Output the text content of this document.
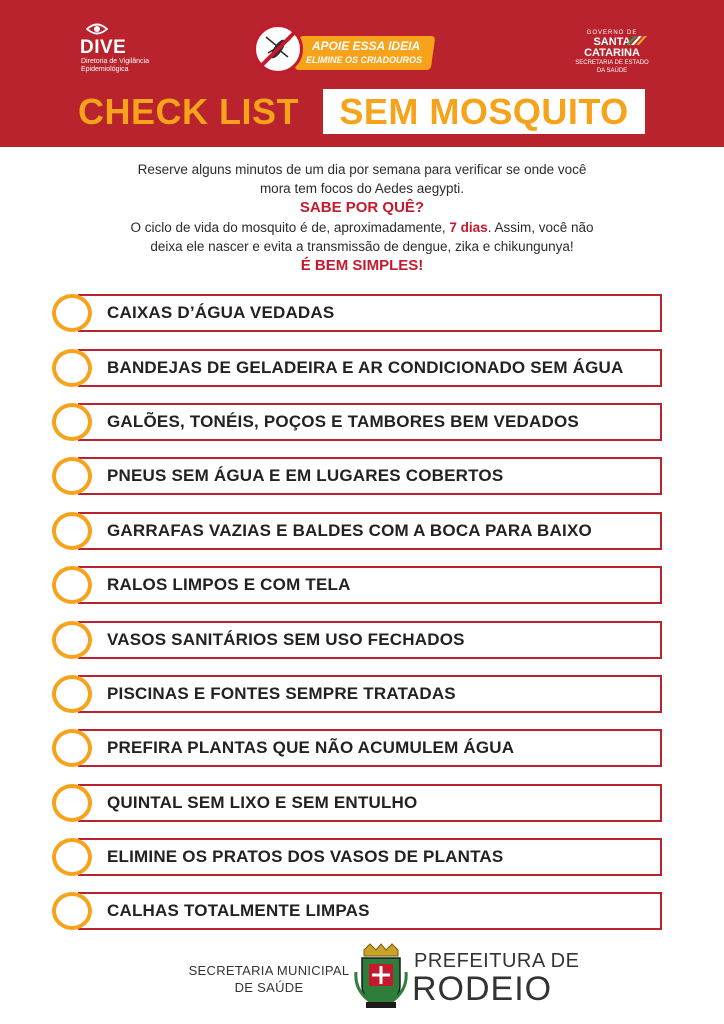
DIVE
Diretoria de Vigilância
Epidemiológica
APOIE ESSA IDEIA
ELIMINE OS CRIADOUROS
GOVERNO DE
SANTA
CATARINA
SECRETARIA DE ESTADO
DA SAÚDE
CHECK LIST	SEM MOSQUITO
Reserve alguns minutos de um dia por semana para verificar se onde você
mora tem focos do Aedes aegypti.
SABE POR QUÊ?
O ciclo de vida do mosquito é de, aproximadamente, 7 dias. Assim, você não
deixa ele nascer e evita a transmissão de dengue, zika e chikungunya!
É BEM SIMPLES!
CAIXAS D’ÁGUA VEDADAS
BANDEJAS DE GELADEIRA E AR CONDICIONADO SEM ÁGUA
GALÕES, TONÉIS, POÇOS E TAMBORES BEM VEDADOS
PNEUS SEM ÁGUA E EM LUGARES COBERTOS
GARRAFAS VAZIAS E BALDES COM A BOCA PARA BAIXO
RALOS LIMPOS E COM TELA
VASOS SANITÁRIOS SEM USO FECHADOS
PISCINAS E FONTES SEMPRE TRATADAS
PREFIRA PLANTAS QUE NÃO ACUMULEM ÁGUA
QUINTAL SEM LIXO E SEM ENTULHO
ELIMINE OS PRATOS DOS VASOS DE PLANTAS
CALHAS TOTALMENTE LIMPAS
SECRETARIA MUNICIPAL
DE SAÚDE
PREFEITURA DE
RODEIO
